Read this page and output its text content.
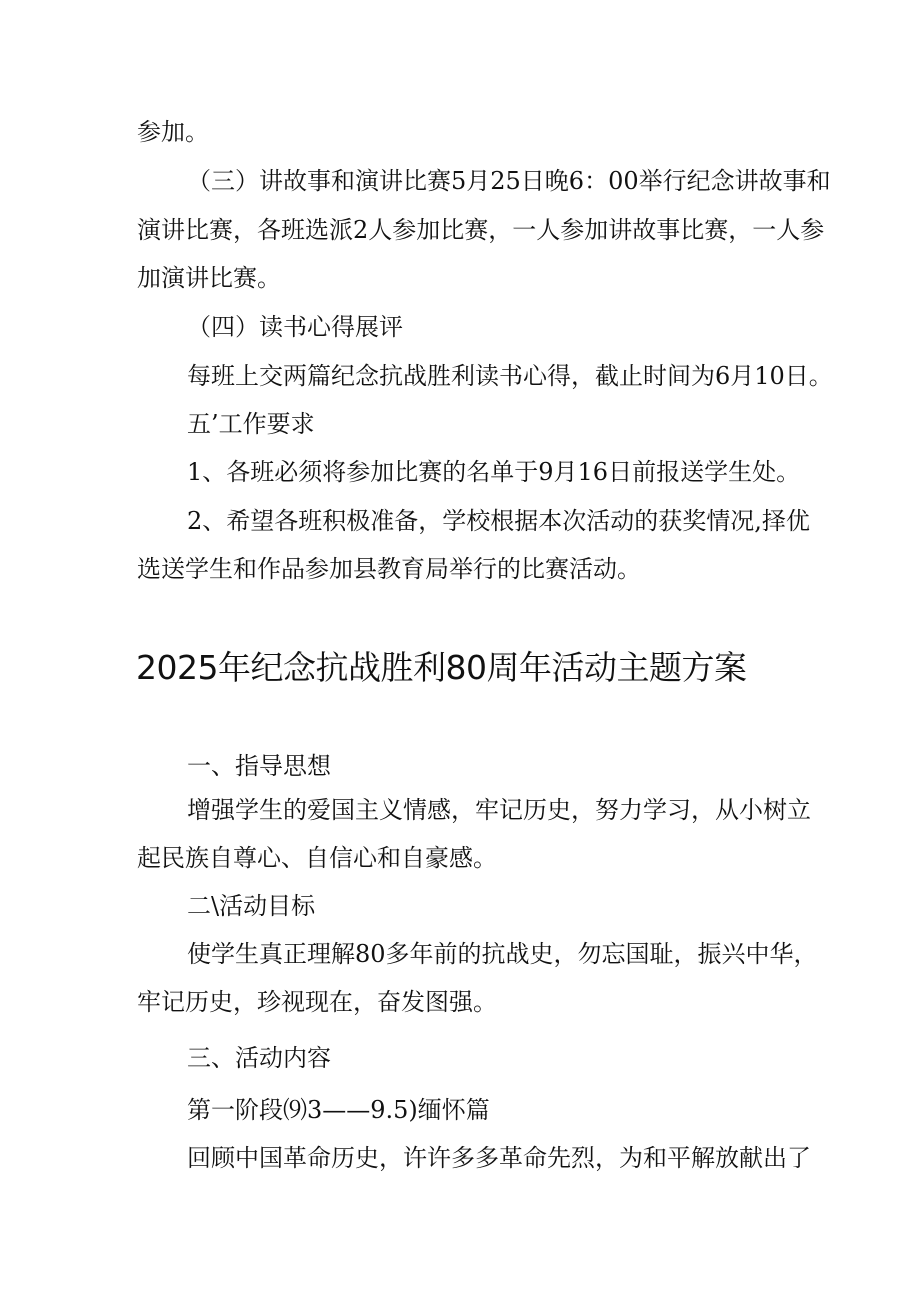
参加。
（三）讲故事和演讲比赛5月25日晚6：00举行纪念讲故事和
演讲比赛，各班选派2人参加比赛，一人参加讲故事比赛，一人参
加演讲比赛。
（四）读书心得展评
每班上交两篇纪念抗战胜利读书心得，截止时间为6月10日。
五’工作要求
1、各班必须将参加比赛的名单于9月16日前报送学生处。
2、希望各班积极准备，学校根据本次活动的获奖情况,择优
选送学生和作品参加县教育局举行的比赛活动。
2025年纪念抗战胜利80周年活动主题方案
一、指导思想
增强学生的爱国主义情感，牢记历史，努力学习，从小树立
起民族自尊心、自信心和自豪感。
二\活动目标
使学生真正理解80多年前的抗战史，勿忘国耻，振兴中华，
牢记历史，珍视现在，奋发图强。
三、活动内容
第一阶段⑼3——9.5)缅怀篇
回顾中国革命历史，许许多多革命先烈，为和平解放献出了
